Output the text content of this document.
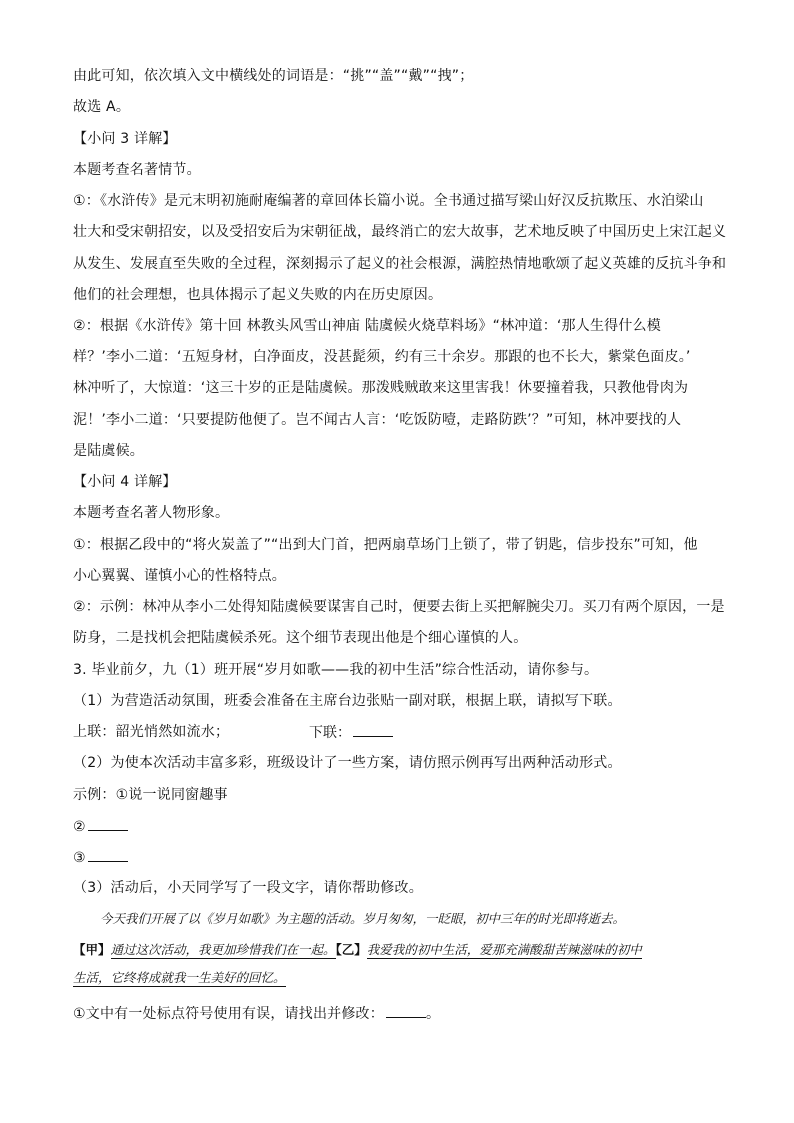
由此可知，依次填入文中横线处的词语是：“挑”“盖”“戴”“拽”；
故选 A。
【小问 3 详解】
本题考查名著情节。
①：《水浒传》是元末明初施耐庵编著的章回体长篇小说。全书通过描写梁山好汉反抗欺压、水泊梁山
壮大和受宋朝招安，以及受招安后为宋朝征战，最终消亡的宏大故事，艺术地反映了中国历史上宋江起义
从发生、发展直至失败的全过程，深刻揭示了起义的社会根源，满腔热情地歌颂了起义英雄的反抗斗争和
他们的社会理想，也具体揭示了起义失败的内在历史原因。
②：根据《水浒传》第十回 林教头风雪山神庙 陆虞候火烧草料场》“林冲道：‘那人生得什么模
样？’李小二道：‘五短身材，白净面皮，没甚髭须，约有三十余岁。那跟的也不长大，紫棠色面皮。’
林冲听了，大惊道：‘这三十岁的正是陆虞候。那泼贱贼敢来这里害我！休要撞着我，只教他骨肉为
泥！’李小二道：‘只要提防他便了。岂不闻古人言：‘吃饭防噎，走路防跌’？”可知，林冲要找的人
是陆虞候。
【小问 4 详解】
本题考查名著人物形象。
①：根据乙段中的“将火炭盖了”“出到大门首，把两扇草场门上锁了，带了钥匙，信步投东”可知，他
小心翼翼、谨慎小心的性格特点。
②：示例：林冲从李小二处得知陆虞候要谋害自己时，便要去街上买把解腕尖刀。买刀有两个原因，一是
防身，二是找机会把陆虞候杀死。这个细节表现出他是个细心谨慎的人。
3. 毕业前夕，九（1）班开展“岁月如歌——我的初中生活”综合性活动，请你参与。
（1）为营造活动氛围，班委会准备在主席台边张贴一副对联，根据上联，请拟写下联。
上联：韶光悄然如流水；	下联：
（2）为使本次活动丰富多彩，班级设计了一些方案，请仿照示例再写出两种活动形式。
示例：①说一说同窗趣事
②
③
（3）活动后，小天同学写了一段文字，请你帮助修改。
今天我们开展了以《岁月如歌》为主题的活动。岁月匆匆，一眨眼，初中三年的时光即将逝去。
【甲】通过这次活动，我更加珍惜我们在一起。【乙】我爱我的初中生活，爱那充满酸甜苦辣滋味的初中
生活，它终将成就我一生美好的回忆。
①文中有一处标点符号使用有误，请找出并修改：	。
